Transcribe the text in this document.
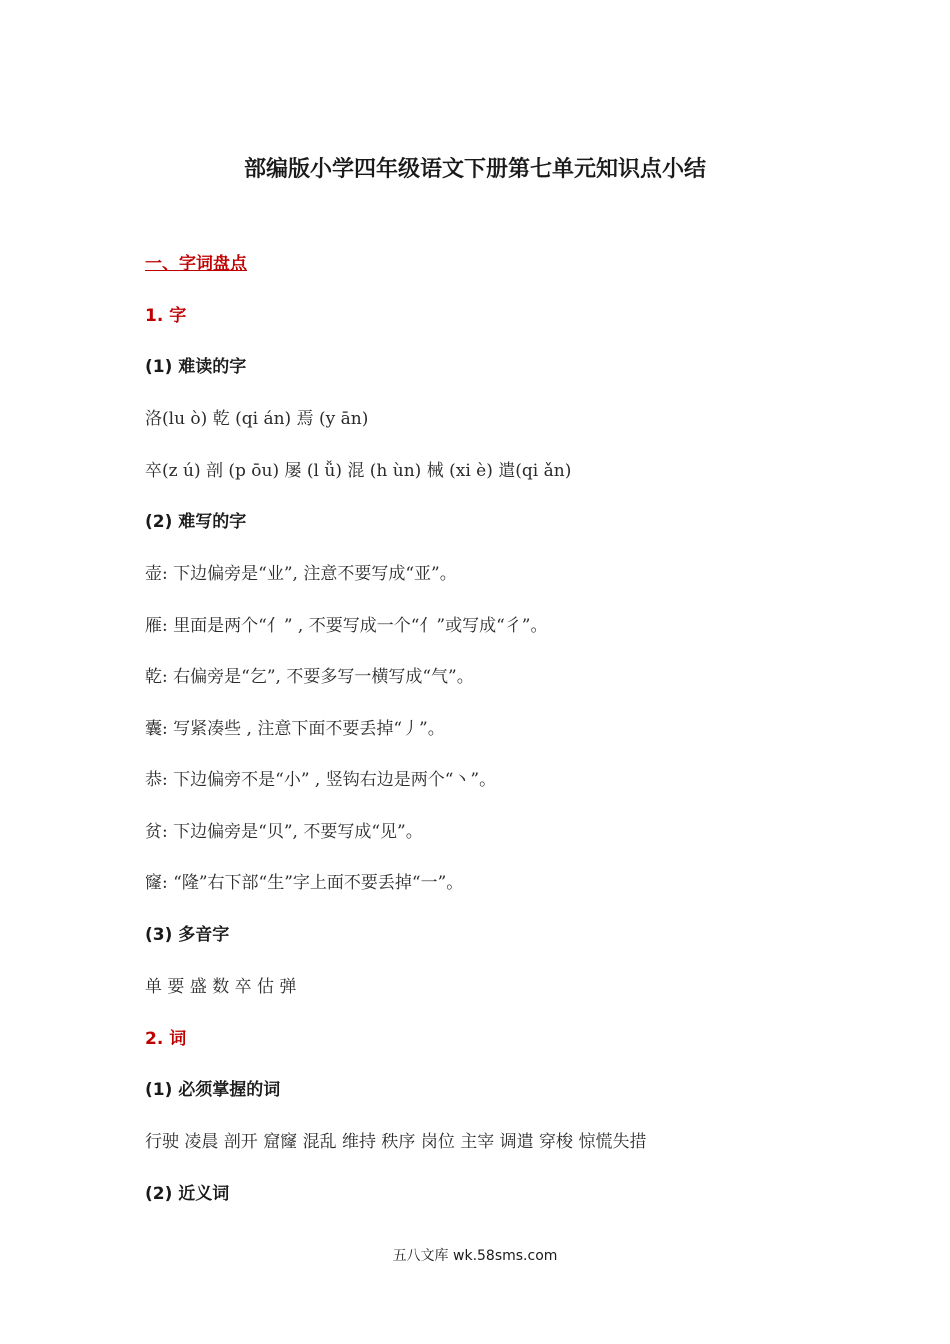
部编版小学四年级语文下册第七单元知识点小结
一、字词盘点
1. 字
(1) 难读的字
洛(lu ò) 乾 (qi án) 焉 (y ān)
卒(z ú) 剖 (p ōu) 屡 (l ǚ) 混 (h ùn) 械 (xi è) 遣(qi ǎn)
(2) 难写的字
壶: 下边偏旁是“业”, 注意不要写成“亚”。
雁: 里面是两个“亻” , 不要写成一个“亻”或写成“彳”。
乾: 右偏旁是“乞”, 不要多写一横写成“气”。
囊: 写紧凑些 , 注意下面不要丢掉“丿”。
恭: 下边偏旁不是“小” , 竖钩右边是两个“丶”。
贫: 下边偏旁是“贝”, 不要写成“见”。
窿: “隆”右下部“生”字上面不要丢掉“一”。
(3) 多音字
单 要 盛 数 卒 估 弹
2. 词
(1) 必须掌握的词
行驶 凌晨 剖开 窟窿 混乱 维持 秩序 岗位 主宰 调遣 穿梭 惊慌失措
(2) 近义词
五八文库 wk.58sms.com
